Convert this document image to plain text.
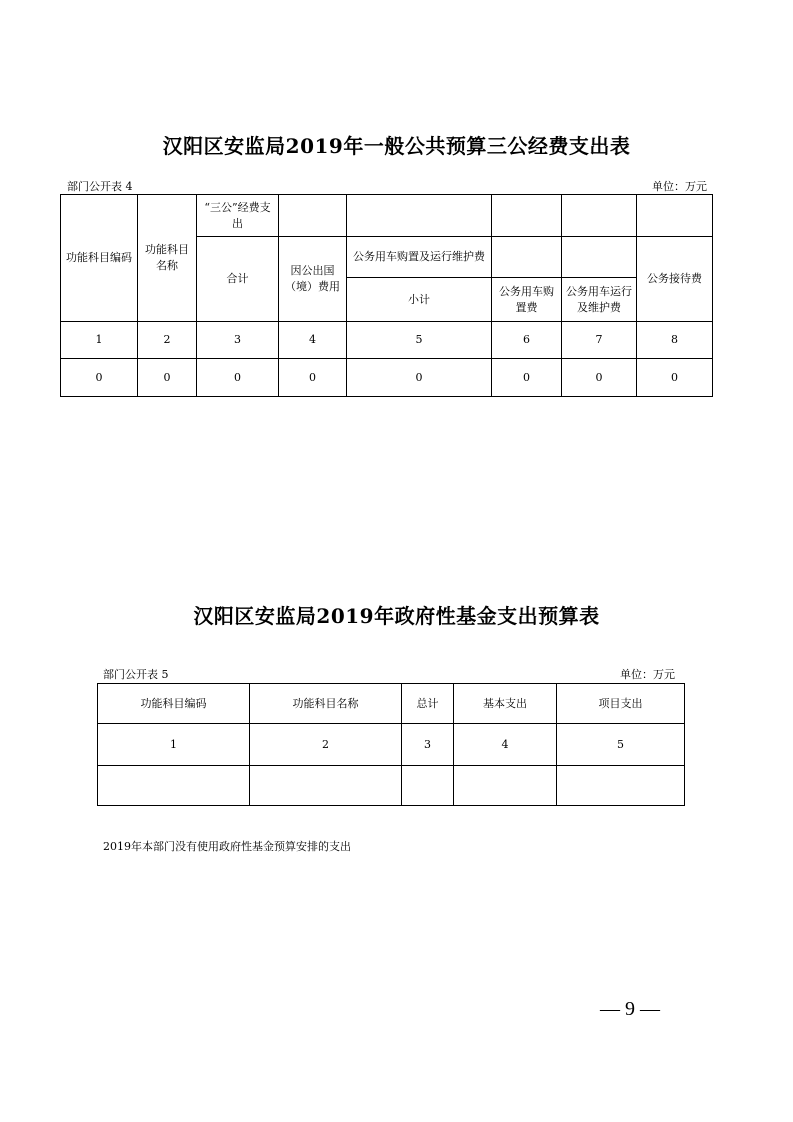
汉阳区安监局2019年一般公共预算三公经费支出表
部门公开表 4	单位：万元
功能科目编码	功能科目名称	“三公”经费支出					
		合计	因公出国（境）费用	公务用车购置及运行维护费			公务接待费
				小计	公务用车购置费	公务用车运行及维护费	

1	2	3	4	5	6	7	8
0	0	0	0	0	0	0	0
汉阳区安监局2019年政府性基金支出预算表
部门公开表 5	单位：万元
功能科目编码	功能科目名称	总计	基本支出	项目支出
1	2	3	4	5

2019年本部门没有使用政府性基金预算安排的支出
— 9 —
